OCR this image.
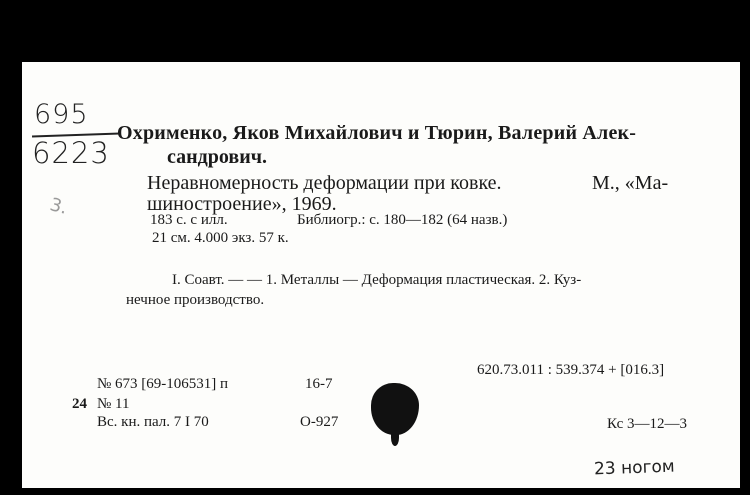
695
6223
3.
Охрименко, Яков Михайлович и Тюрин, Валерий Алек-
сандрович.
Неравномерность деформации при ковке.	М., «Ма-
шиностроение», 1969.
183 с. с илл.	Библиогр.: с. 180—182 (64 назв.)
21 см. 4.000 экз. 57 к.
I. Соавт. — — 1. Металлы — Деформация пластическая. 2. Куз-
нечное производство.
620.73.011 : 539.374 + [016.3]
№ 673 [69-106531] п	16-7
24 № 11
Вс. кн. пал. 7 I 70	О-927	Кс 3—12—3
23 ногом
